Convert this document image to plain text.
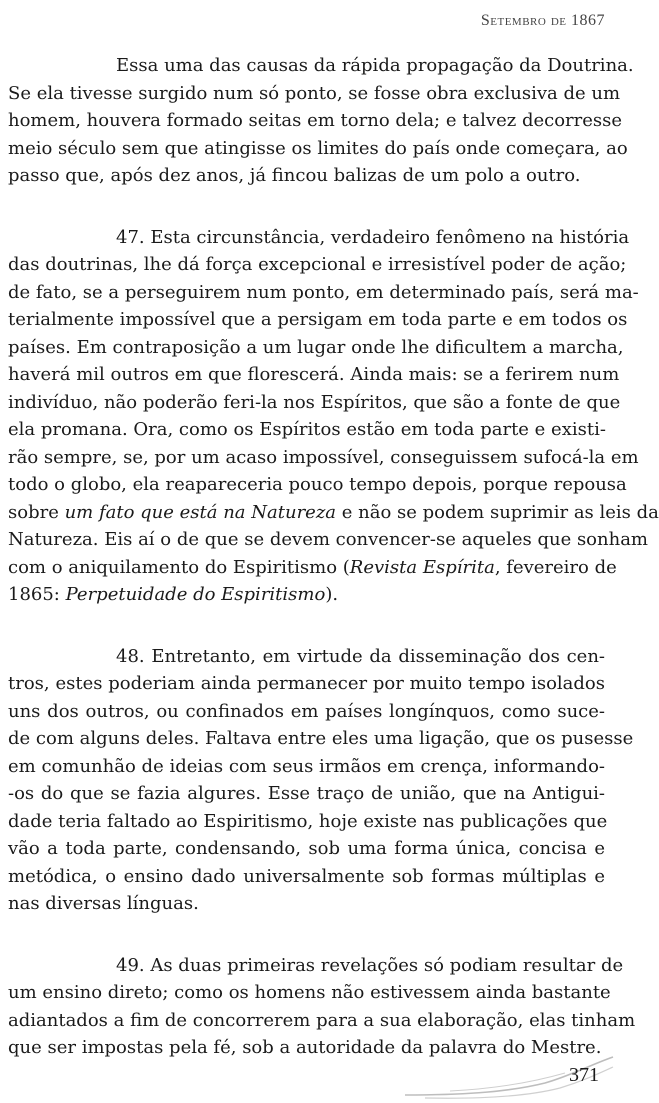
Setembro de 1867
Essa uma das causas da rápida propagação da Doutrina.
Se ela tivesse surgido num só ponto, se fosse obra exclusiva de um
homem, houvera formado seitas em torno dela; e talvez decorresse
meio século sem que atingisse os limites do país onde começara, ao
passo que, após dez anos, já fincou balizas de um polo a outro.
47. Esta circunstância, verdadeiro fenômeno na história
das doutrinas, lhe dá força excepcional e irresistível poder de ação;
de fato, se a perseguirem num ponto, em determinado país, será ma-
terialmente impossível que a persigam em toda parte e em todos os
países. Em contraposição a um lugar onde lhe dificultem a marcha,
haverá mil outros em que florescerá. Ainda mais: se a ferirem num
indivíduo, não poderão feri-la nos Espíritos, que são a fonte de que
ela promana. Ora, como os Espíritos estão em toda parte e existi-
rão sempre, se, por um acaso impossível, conseguissem sufocá-la em
todo o globo, ela reapareceria pouco tempo depois, porque repousa
sobre um fato que está na Natureza e não se podem suprimir as leis da
Natureza. Eis aí o de que se devem convencer-se aqueles que sonham
com o aniquilamento do Espiritismo (Revista Espírita, fevereiro de
1865: Perpetuidade do Espiritismo).
48. Entretanto, em virtude da disseminação dos cen-
tros, estes poderiam ainda permanecer por muito tempo isolados
uns dos outros, ou confinados em países longínquos, como suce-
de com alguns deles. Faltava entre eles uma ligação, que os pusesse
em comunhão de ideias com seus irmãos em crença, informando-
-os do que se fazia algures. Esse traço de união, que na Antigui-
dade teria faltado ao Espiritismo, hoje existe nas publicações que
vão a toda parte, condensando, sob uma forma única, concisa e
metódica, o ensino dado universalmente sob formas múltiplas e
nas diversas línguas.
49. As duas primeiras revelações só podiam resultar de
um ensino direto; como os homens não estivessem ainda bastante
adiantados a fim de concorrerem para a sua elaboração, elas tinham
que ser impostas pela fé, sob a autoridade da palavra do Mestre.
371
